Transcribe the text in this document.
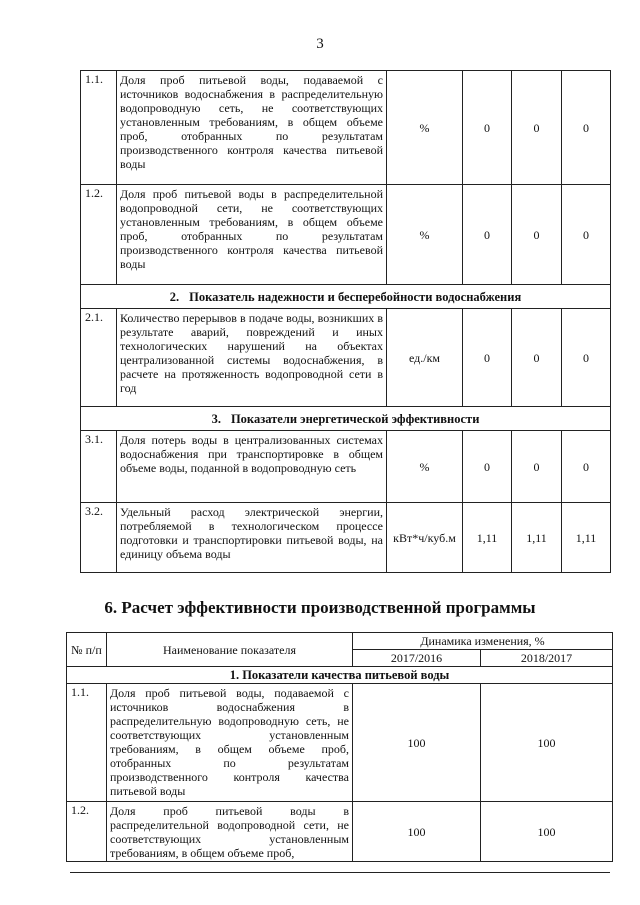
3
1.1.	Доля проб питьевой воды, подаваемой с источников водоснабжения в распределительную водопроводную сеть, не соответствующих установленным требованиям, в общем объеме проб, отобранных по результатам производственного контроля качества питьевой воды	%	0	0	0
1.2.	Доля проб питьевой воды в распределительной водопроводной сети, не соответствующих установленным требованиям, в общем объеме проб, отобранных по результатам производственного контроля качества питьевой воды	%	0	0	0
2. Показатель надежности и бесперебойности водоснабжения					
2.1.	Количество перерывов в подаче воды, возникших в результате аварий, повреждений и иных технологических нарушений на объектах централизованной системы водоснабжения, в расчете на протяженность водопроводной сети в год	ед./км	0	0	0
3. Показатели энергетической эффективности					
3.1.	Доля потерь воды в централизованных системах водоснабжения при транспортировке в общем объеме воды, поданной в водопроводную сеть	%	0	0	0
3.2.	Удельный расход электрической энергии, потребляемой в технологическом процессе подготовки и транспортировки питьевой воды, на единицу объема воды	кВт*ч/куб.м	1,11	1,11	1,11
6. Расчет эффективности производственной программы
№ п/п	Наименование показателя	Динамика изменения, %	
		2017/2016	2018/2017
1. Показатели качества питьевой воды			
1.1.	Доля проб питьевой воды, подаваемой с источников водоснабжения в распределительную водопроводную сеть, не соответствующих установленным требованиям, в общем объеме проб, отобранных по результатам производственного контроля качества питьевой воды	100	100
1.2.	Доля проб питьевой воды в распределительной водопроводной сети, не соответствующих установленным требованиям, в общем объеме проб,	100	100
